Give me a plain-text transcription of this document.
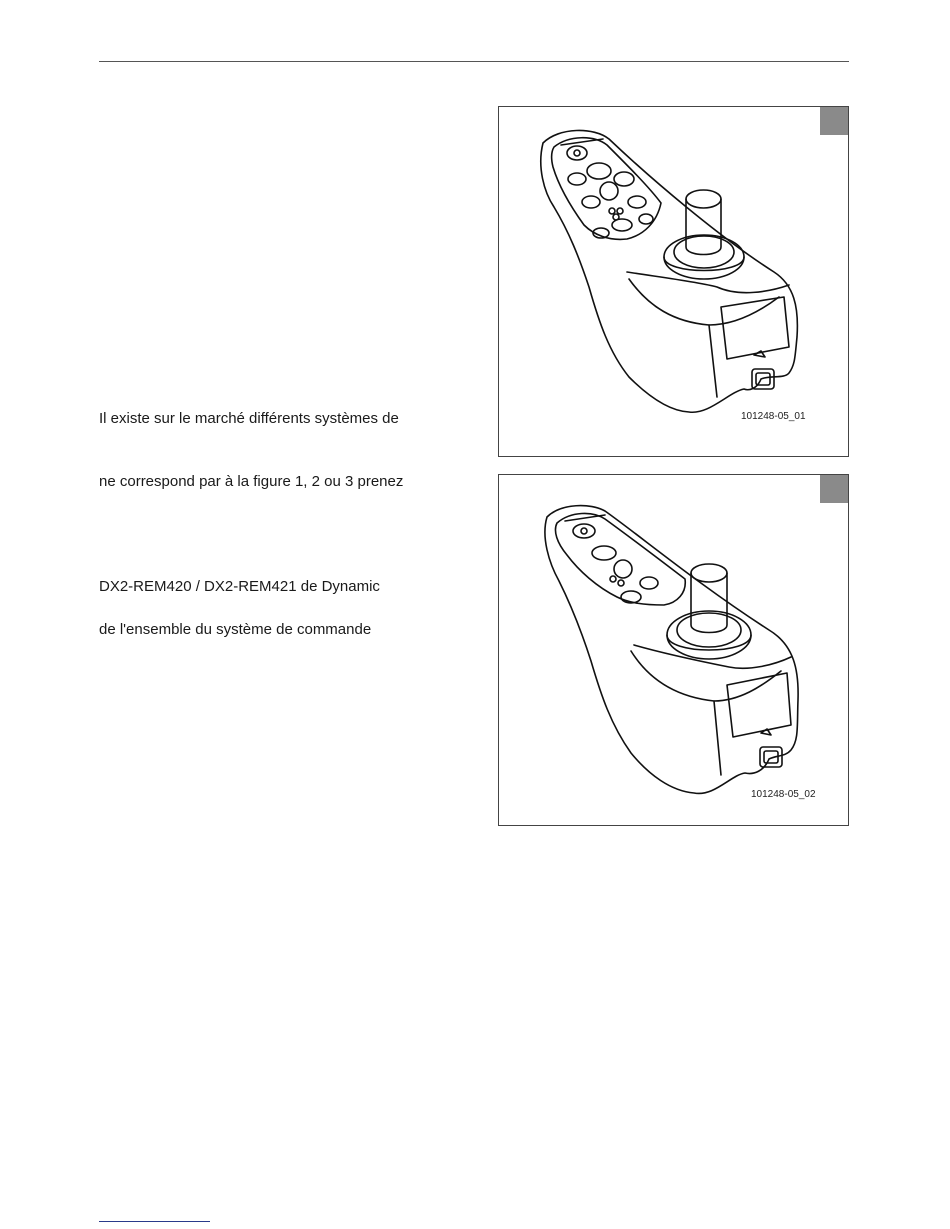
Il existe sur le marché différents systèmes de
ne correspond par à la figure 1, 2 ou 3 prenez
DX2-REM420 / DX2-REM421 de Dynamic
de l'ensemble du système de commande
101248-05_01
101248-05_02
